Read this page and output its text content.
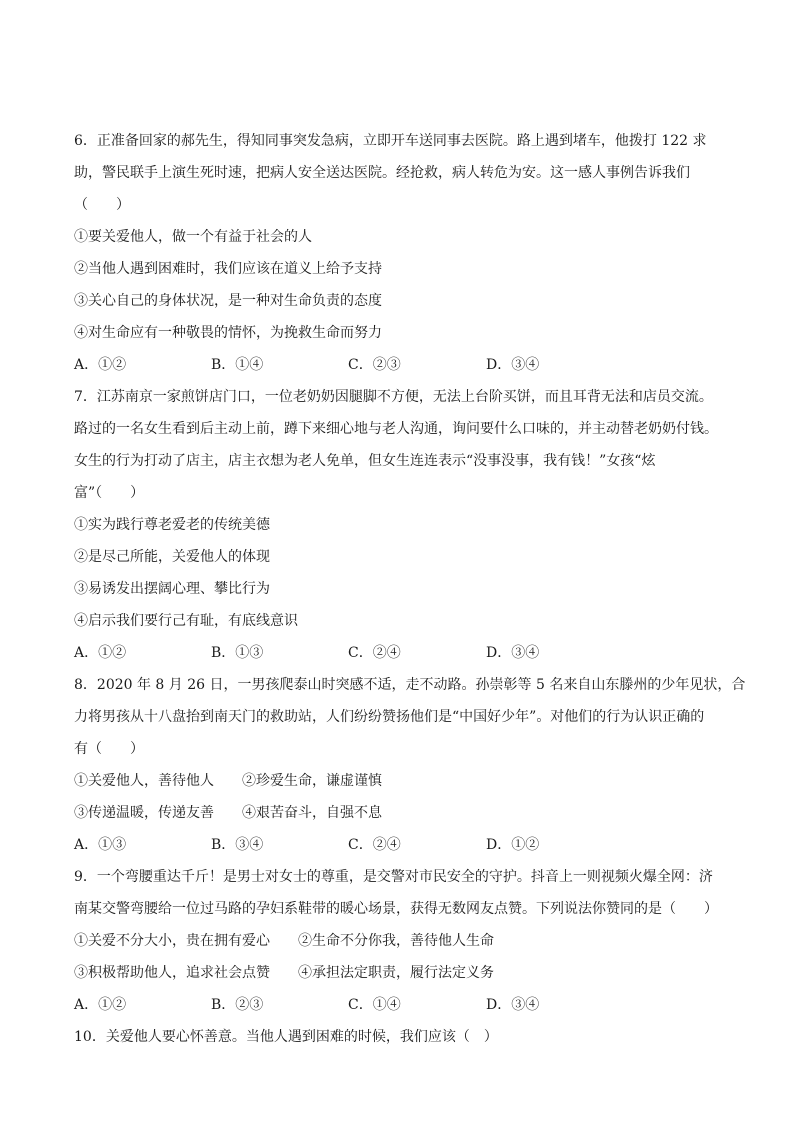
6．正准备回家的郝先生，得知同事突发急病，立即开车送同事去医院。路上遇到堵车，他拨打 122 求
助，警民联手上演生死时速，把病人安全送达医院。经抢救，病人转危为安。这一感人事例告诉我们
（　　）
①要关爱他人，做一个有益于社会的人
②当他人遇到困难时，我们应该在道义上给予支持
③关心自己的身体状况，是一种对生命负责的态度
④对生命应有一种敬畏的情怀，为挽救生命而努力
A．①②	B．①④	C．②③	D．③④
7．江苏南京一家煎饼店门口，一位老奶奶因腿脚不方便，无法上台阶买饼，而且耳背无法和店员交流。
路过的一名女生看到后主动上前，蹲下来细心地与老人沟通，询问要什么口味的，并主动替老奶奶付钱。
女生的行为打动了店主，店主衣想为老人免单，但女生连连表示“没事没事，我有钱！”女孩“炫
富”（　　）
①实为践行尊老爱老的传统美德
②是尽己所能，关爱他人的体现
③易诱发出摆阔心理、攀比行为
④启示我们要行己有耻，有底线意识
A．①②	B．①③	C．②④	D．③④
8．2020 年 8 月 26 日，一男孩爬泰山时突感不适，走不动路。孙崇彰等 5 名来自山东滕州的少年见状，合
力将男孩从十八盘抬到南天门的救助站，人们纷纷赞扬他们是“中国好少年”。对他们的行为认识正确的
有（　　）
①关爱他人，善待他人 ②珍爱生命，谦虚谨慎
③传递温暖，传递友善 ④艰苦奋斗，自强不息
A．①③	B．③④	C．②④	D．①②
9．一个弯腰重达千斤！是男士对女士的尊重，是交警对市民安全的守护。抖音上一则视频火爆全网：济
南某交警弯腰给一位过马路的孕妇系鞋带的暖心场景，获得无数网友点赞。下列说法你赞同的是（　　）
①关爱不分大小，贵在拥有爱心 ②生命不分你我，善待他人生命
③积极帮助他人，追求社会点赞 ④承担法定职责，履行法定义务
A．①②	B．②③	C．①④	D．③④
10．关爱他人要心怀善意。当他人遇到困难的时候，我们应该（　）
